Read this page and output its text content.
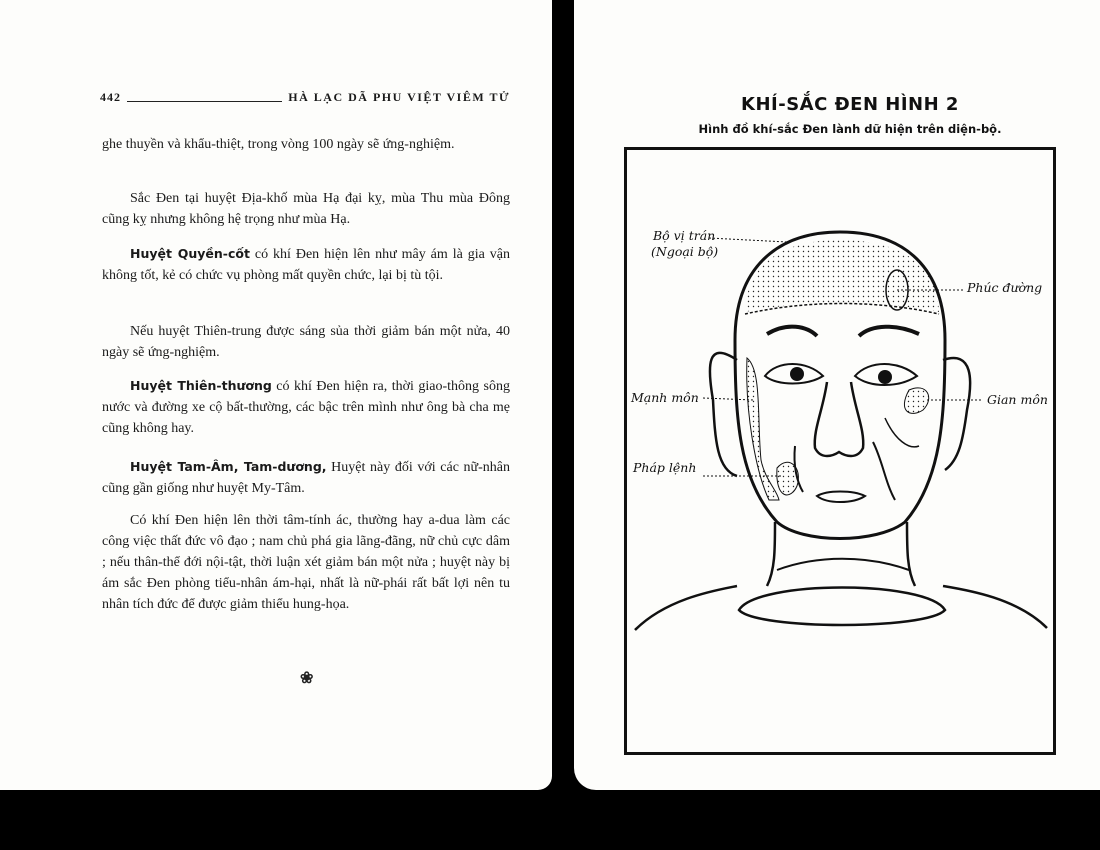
442	HÀ LẠC DÃ PHU VIỆT VIÊM TỬ

ghe thuyền và khẩu-thiệt, trong vòng 100 ngày sẽ ứng-nghiệm.

Sắc Đen tại huyệt Địa-khố mùa Hạ đại kỵ, mùa Thu mùa Đông cũng kỵ nhưng không hệ trọng như mùa Hạ.

Huyệt Quyền-cốt có khí Đen hiện lên như mây ám là gia vận không tốt, kẻ có chức vụ phòng mất quyền chức, lại bị tù tội.

Nếu huyệt Thiên-trung được sáng sủa thời giảm bán một nửa, 40 ngày sẽ ứng-nghiệm.

Huyệt Thiên-thương có khí Đen hiện ra, thời giao-thông sông nước và đường xe cộ bất-thường, các bậc trên mình như ông bà cha mẹ cũng không hay.

Huyệt Tam-Âm, Tam-dương, Huyệt này đối với các nữ-nhân cũng gần giống như huyệt My-Tâm.

Có khí Đen hiện lên thời tâm-tính ác, thường hay a-dua làm các công việc thất đức vô đạo ; nam chủ phá gia lãng-đãng, nữ chủ cực dâm ; nếu thân-thể đới nội-tật, thời luận xét giảm bán một nửa ; huyệt này bị ám sắc Đen phòng tiểu-nhân ám-hại, nhất là nữ-phái rất bất lợi nên tu nhân tích đức để được giảm thiểu hung-họa.

❀
KHÍ-SẮC ĐEN HÌNH 2
Hình đồ khí-sắc Đen lành dữ hiện trên diện-bộ.
Bộ vị trán
(Ngoại bộ)
Phúc đường
Mạnh môn	Gian môn
Pháp lệnh
